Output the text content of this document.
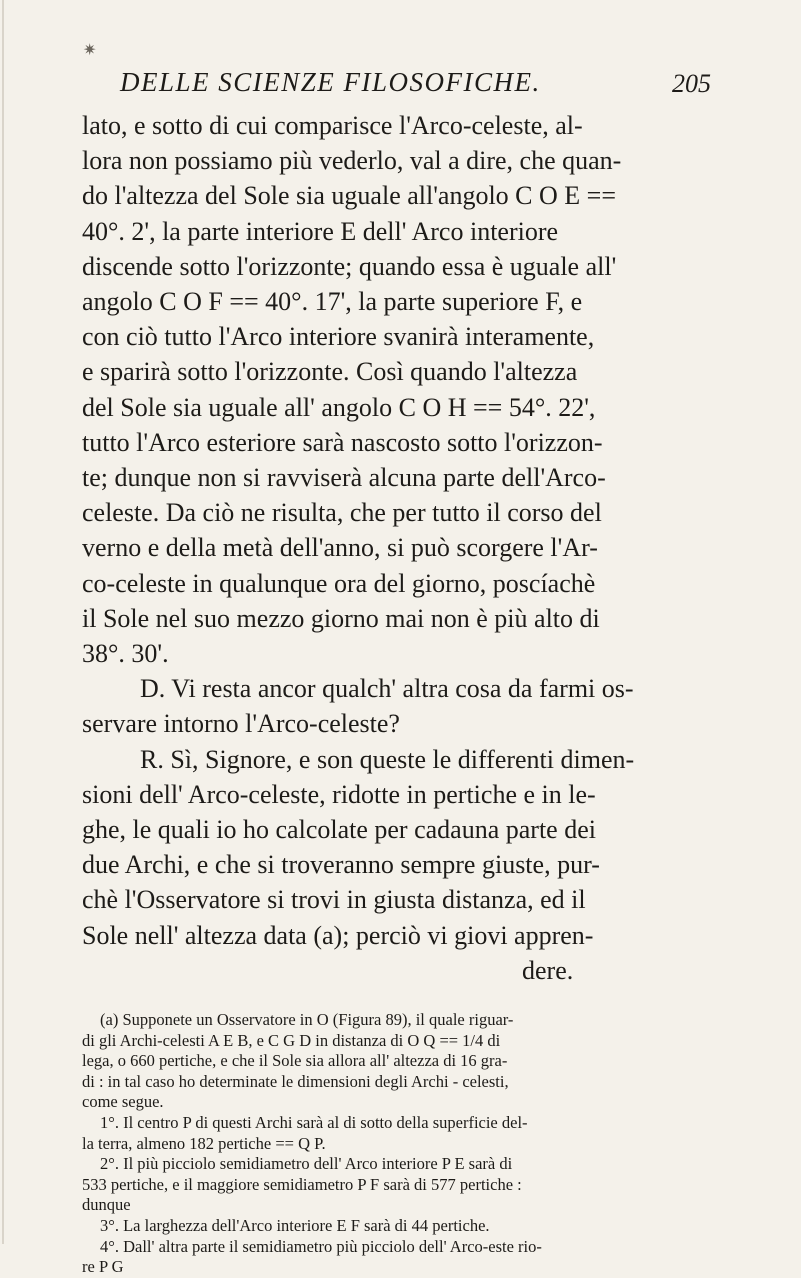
✷
DELLE SCIENZE FILOSOFICHE.	205
lato, e sotto di cui comparisce l'Arco-celeste, al-
lora non possiamo più vederlo, val a dire, che quan-
do l'altezza del Sole sia uguale all'angolo C O E ==
40°. 2', la parte interiore E dell' Arco interiore
discende sotto l'orizzonte; quando essa è uguale all'
angolo C O F == 40°. 17', la parte superiore F, e
con ciò tutto l'Arco interiore svanirà interamente,
e sparirà sotto l'orizzonte. Così quando l'altezza
del Sole sia uguale all' angolo C O H == 54°. 22',
tutto l'Arco esteriore sarà nascosto sotto l'orizzon-
te; dunque non si ravviserà alcuna parte dell'Arco-
celeste. Da ciò ne risulta, che per tutto il corso del
verno e della metà dell'anno, si può scorgere l'Ar-
co-celeste in qualunque ora del giorno, poscíachè
il Sole nel suo mezzo giorno mai non è più alto di
38°. 30'.
D. Vi resta ancor qualch' altra cosa da farmi os-
servare intorno l'Arco-celeste?
R. Sì, Signore, e son queste le differenti dimen-
sioni dell' Arco-celeste, ridotte in pertiche e in le-
ghe, le quali io ho calcolate per cadauna parte dei
due Archi, e che si troveranno sempre giuste, pur-
chè l'Osservatore si trovi in giusta distanza, ed il
Sole nell' altezza data (a); perciò vi giovi appren-
dere.
(a) Supponete un Osservatore in O (Figura 89), il quale riguar-
di gli Archi-celesti A E B, e C G D in distanza di O Q == 1/4 di
lega, o 660 pertiche, e che il Sole sia allora all' altezza di 16 gra-
di : in tal caso ho determinate le dimensioni degli Archi - celesti,
come segue.
1°. Il centro P di questi Archi sarà al di sotto della superficie del-
la terra, almeno 182 pertiche == Q P.
2°. Il più picciolo semidiametro dell' Arco interiore P E sarà di
533 pertiche, e il maggiore semidiametro P F sarà di 577 pertiche :
dunque
3°. La larghezza dell'Arco interiore E F sarà di 44 pertiche.
4°. Dall' altra parte il semidiametro più picciolo dell' Arco-este rio-
re P G
